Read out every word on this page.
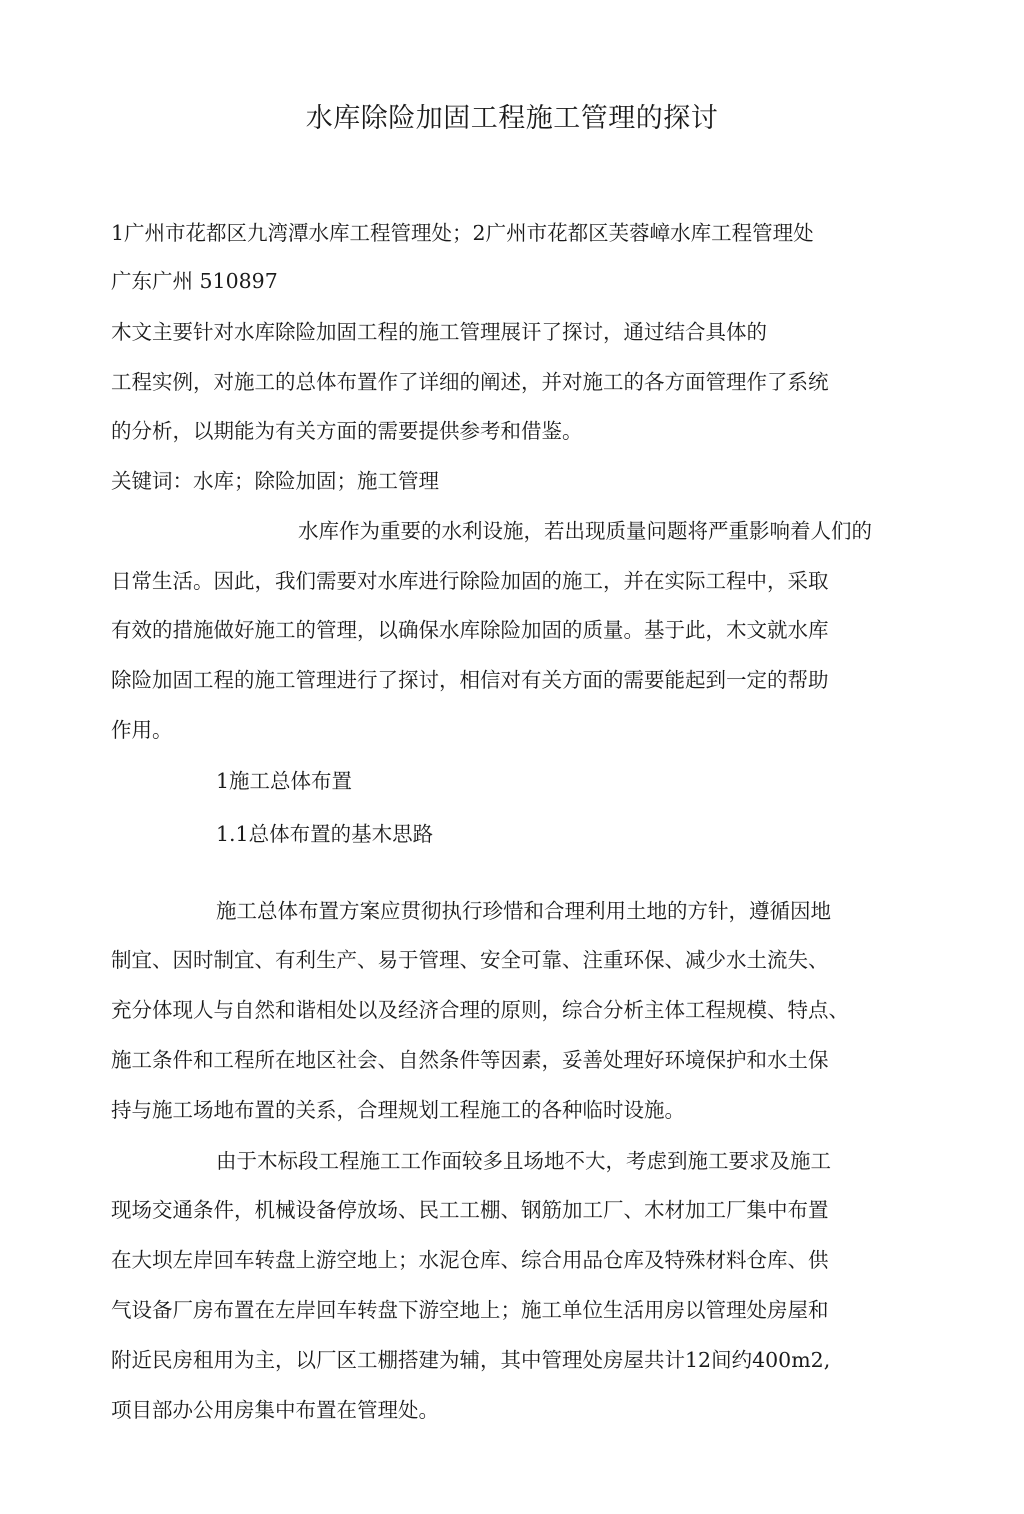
水库除险加固工程施工管理的探讨
1广州市花都区九湾潭水库工程管理处；2广州市花都区芙蓉嶂水库工程管理处
广东广州 510897
木文主要针对水库除险加固工程的施工管理展讦了探讨，通过结合具体的
工程实例，对施工的总体布置作了详细的阐述，并对施工的各方面管理作了系统
的分析，以期能为有关方面的需要提供参考和借鉴。
关键词：水库；除险加固；施工管理
水库作为重要的水利设施，若出现质量问题将严重影响着人们的
日常生活。因此，我们需要对水库进行除险加固的施工，并在实际工程中，采取
有效的措施做好施工的管理，以确保水库除险加固的质量。基于此，木文就水库
除险加固工程的施工管理进行了探讨，相信对有关方面的需要能起到一定的帮助
作用。
1施工总体布置
1.1总体布置的基木思路
施工总体布置方案应贯彻执行珍惜和合理利用土地的方针，遵循因地
制宜、因时制宜、有利生产、易于管理、安全可靠、注重环保、减少水土流失、
充分体现人与自然和谐相处以及经济合理的原则，综合分析主体工程规模、特点、
施工条件和工程所在地区社会、自然条件等因素，妥善处理好环境保护和水土保
持与施工场地布置的关系，合理规划工程施工的各种临时设施。
由于木标段工程施工工作面较多且场地不大，考虑到施工要求及施工
现场交通条件，机械设备停放场、民工工棚、钢筋加工厂、木材加工厂集中布置
在大坝左岸回车转盘上游空地上；水泥仓库、综合用品仓库及特殊材料仓库、供
气设备厂房布置在左岸回车转盘下游空地上；施工单位生活用房以管理处房屋和
附近民房租用为主，以厂区工棚搭建为辅，其中管理处房屋共计12间约400m2,
项目部办公用房集中布置在管理处。
